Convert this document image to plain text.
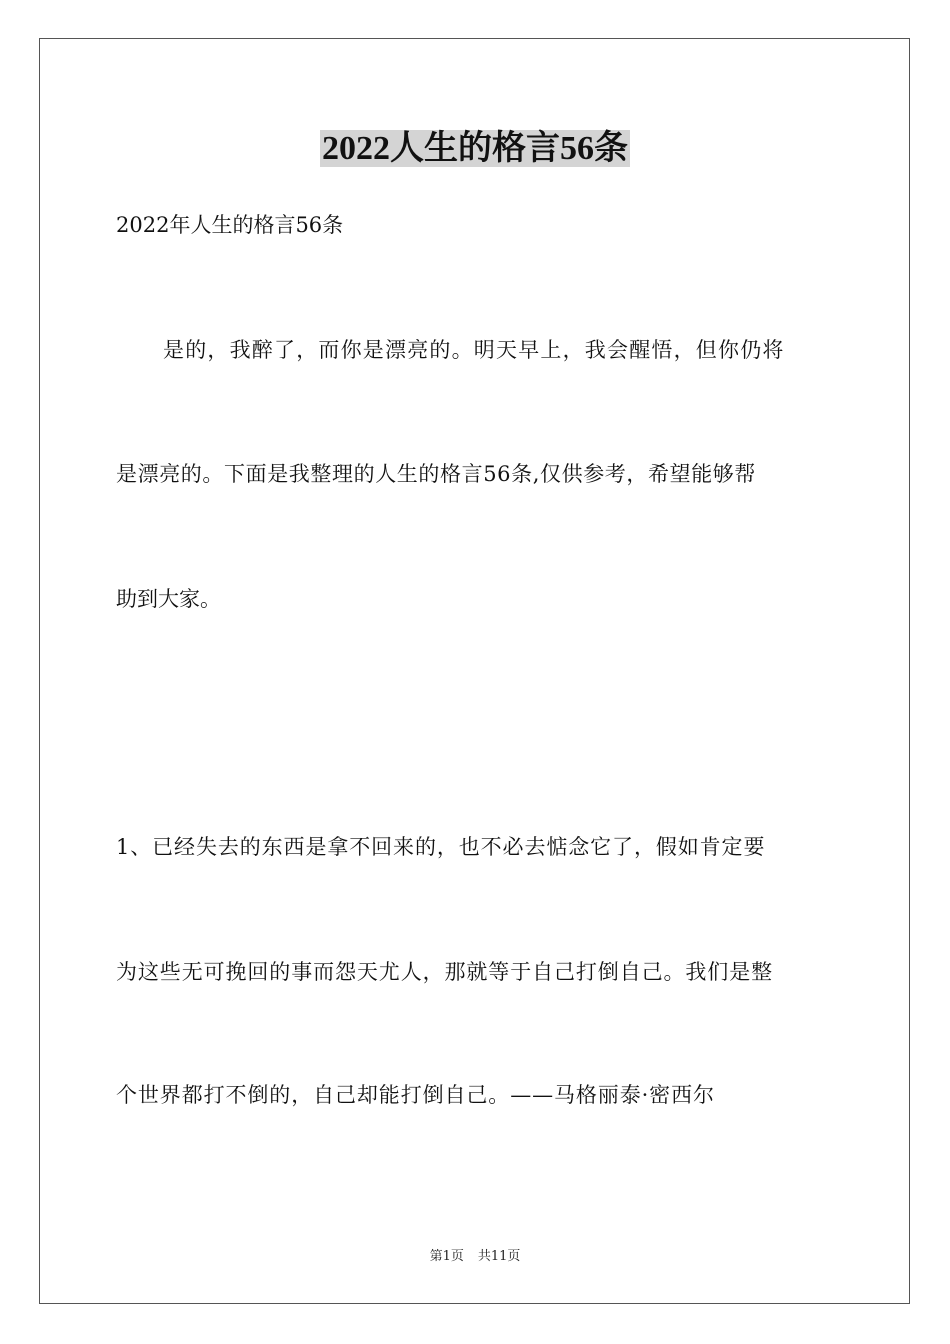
2022人生的格言56条
2022年人生的格言56条
是的，我醉了，而你是漂亮的。明天早上，我会醒悟，但你仍将
是漂亮的。下面是我整理的人生的格言56条,仅供参考，希望能够帮
助到大家。
1、已经失去的东西是拿不回来的，也不必去惦念它了，假如肯定要
为这些无可挽回的事而怨天尤人，那就等于自己打倒自己。我们是整
个世界都打不倒的，自己却能打倒自己。——马格丽泰·密西尔
第1页 共11页
